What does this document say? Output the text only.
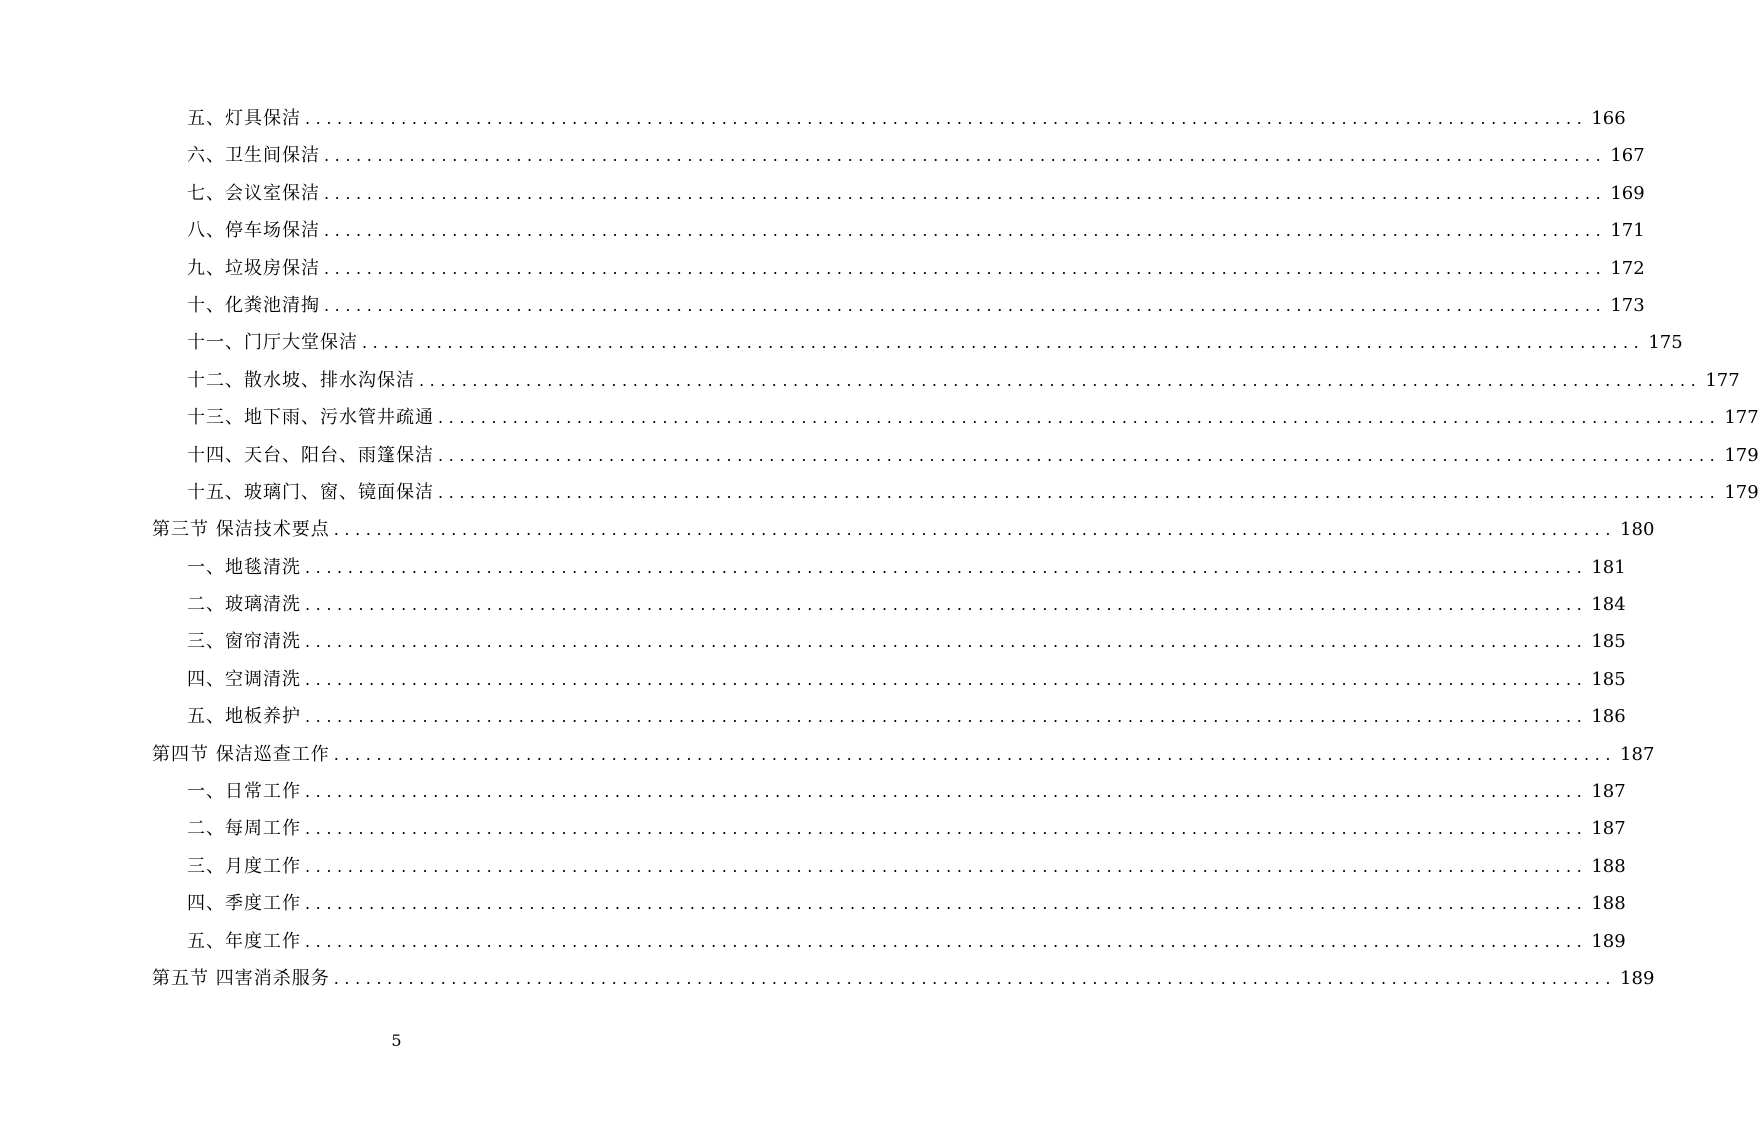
五、灯具保洁 ........................................................................................................................ 166
六、卫生间保洁 ........................................................................................................................ 167
七、会议室保洁 ........................................................................................................................ 169
八、停车场保洁 ........................................................................................................................ 171
九、垃圾房保洁 ........................................................................................................................ 172
十、化粪池清掏 ........................................................................................................................ 173
十一、门厅大堂保洁 ........................................................................................................................ 175
十二、散水坡、排水沟保洁 ........................................................................................................................ 177
十三、地下雨、污水管井疏通 ........................................................................................................................ 177
十四、天台、阳台、雨篷保洁 ........................................................................................................................ 179
十五、玻璃门、窗、镜面保洁 ........................................................................................................................ 179
第三节 保洁技术要点 ........................................................................................................................ 180
一、地毯清洗 ........................................................................................................................ 181
二、玻璃清洗 ........................................................................................................................ 184
三、窗帘清洗 ........................................................................................................................ 185
四、空调清洗 ........................................................................................................................ 185
五、地板养护 ........................................................................................................................ 186
第四节 保洁巡查工作 ........................................................................................................................ 187
一、日常工作 ........................................................................................................................ 187
二、每周工作 ........................................................................................................................ 187
三、月度工作 ........................................................................................................................ 188
四、季度工作 ........................................................................................................................ 188
五、年度工作 ........................................................................................................................ 189
第五节 四害消杀服务 ........................................................................................................................ 189
5
